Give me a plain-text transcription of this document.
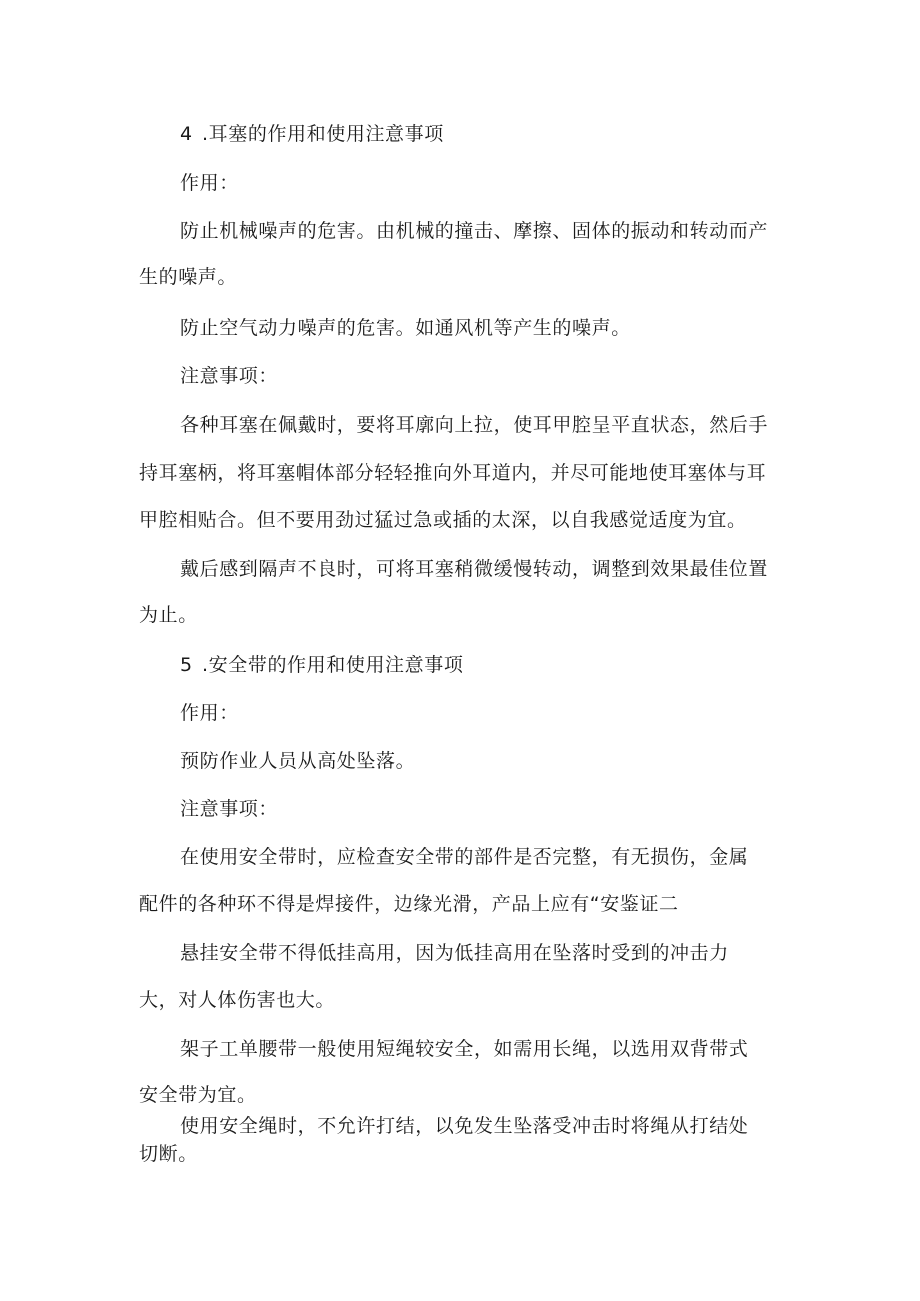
4 .耳塞的作用和使用注意事项
作用：
防止机械噪声的危害。由机械的撞击、摩擦、固体的振动和转动而产
生的噪声。
防止空气动力噪声的危害。如通风机等产生的噪声。
注意事项：
各种耳塞在佩戴时，要将耳廓向上拉，使耳甲腔呈平直状态，然后手
持耳塞柄，将耳塞帽体部分轻轻推向外耳道内，并尽可能地使耳塞体与耳
甲腔相贴合。但不要用劲过猛过急或插的太深，以自我感觉适度为宜。
戴后感到隔声不良时，可将耳塞稍微缓慢转动，调整到效果最佳位置
为止。
5 .安全带的作用和使用注意事项
作用：
预防作业人员从高处坠落。
注意事项：
在使用安全带时，应检查安全带的部件是否完整，有无损伤，金属
配件的各种环不得是焊接件，边缘光滑，产品上应有“安鉴证二
悬挂安全带不得低挂高用，因为低挂高用在坠落时受到的冲击力
大，对人体伤害也大。
架子工单腰带一般使用短绳较安全，如需用长绳，以选用双背带式
安全带为宜。
使用安全绳时，不允许打结，以免发生坠落受冲击时将绳从打结处
切断。
